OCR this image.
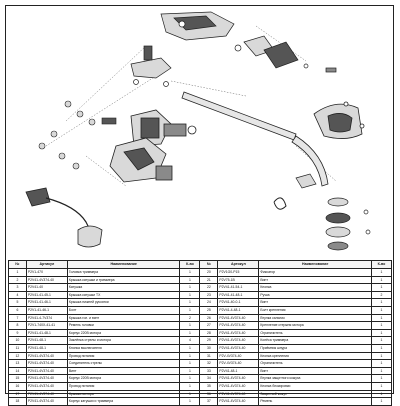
№	Артикул	Наименование	К-во	№	Артикул	Наименование	К-во
1	P2V1-470	Головка триммера	1	20	P2V1G0-P15	Фиксатор	1
2	P2V41-4V374-40	Крышка катушки и триммера	1	21	P2V75-1B	Винт	1
3	P2V41-40	Катушка	1	22	P2V41-41-54-1	Кнопка	1
4	P2V41-41-45-1	Крышка катушки TX	1	23	P2V41-41-48-1	Ручка	2
5	P2V41-41-46-1	Крышка нижней рукоятки	1	24	P2V41-40-0-1	Винт	1
6	P2V1-41-46-1	Болт	1	25	P2V41-4-48-1	Болт крепления	1
7	P2V41-4-7V374	Крышка гол. и винт	2	26	P2V41-4V374-40	Втулка сальник	1
8	P2V1-740X-41-41	Ремень головки	1	27	P2V41-4V374-40	Крепление стержня мотора	1
9	P2V41-41-48-1	Корпус 220В мотора	1	28	P2V41-4V374-40	Ограничитель	1
10	P2V41-48-1	Заклёпка стрелы и мотора	4	29	P2V41-4V374-40	Колёса триммера	1
11	P2V41-48-1	Кнопка выключателя	1	30	P2V41-4V374-40	Приёмник шнура	1
12	P2V41-4V374-40	Провод питания	1	31	P2V-4V374-40	Кнопка крепления	1
13	P2V41-4V374-40	Соединитель стрелы	1	32	P2V-4V374-40	Ограничитель	1
14	P2V41-4V374-40	Винт	1	33	P2V41-48-1	Винт	1
15	P2V41-4V374-40	Корпус 220В мотора	1	34	P2V41-4V374-40	Втулка защитного кожуха	1
16	P2V41-4V374-40	Провод питания	1	35	P2V41-4V374-40	Кнопка блокировки	1
17	P2V41-4V374-40	Крышка мотора	1	36	P2V41-4V374-40	Защитный кожух	1
18	P2V41-4V374-40	Корпус катушки и триммера	1	37	P2V41-4V374-40	Ремень	1
